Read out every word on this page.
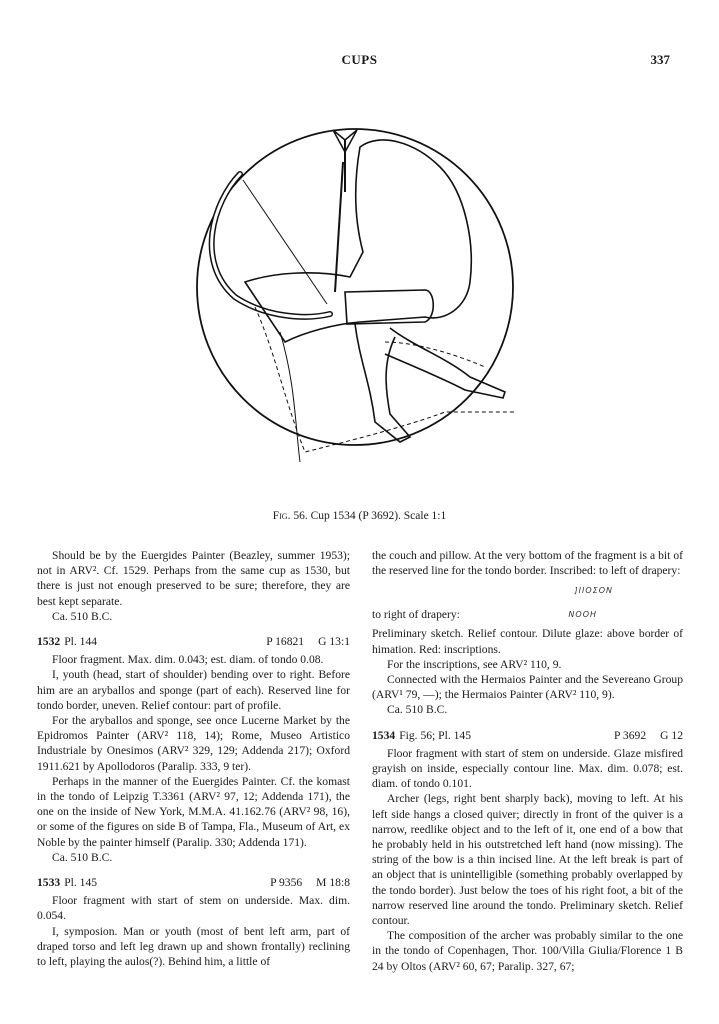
CUPS	337
Fig. 56. Cup 1534 (P 3692). Scale 1:1

Should be by the Euergides Painter (Beazley, summer 1953); not in ARV². Cf. 1529. Perhaps from the same cup as 1530, but there is just not enough preserved to be sure; therefore, they are best kept separate.

Ca. 510 B.C.

1532 Pl. 144	P 16821 G 13:1

Floor fragment. Max. dim. 0.043; est. diam. of tondo 0.08.

I, youth (head, start of shoulder) bending over to right. Before him are an aryballos and sponge (part of each). Reserved line for tondo border, uneven. Relief contour: part of profile.

For the aryballos and sponge, see once Lucerne Market by the Epidromos Painter (ARV² 118, 14); Rome, Museo Artistico Industriale by Onesimos (ARV² 329, 129; Addenda 217); Oxford 1911.621 by Apollodoros (Paralip. 333, 9 ter).

Perhaps in the manner of the Euergides Painter. Cf. the komast in the tondo of Leipzig T.3361 (ARV² 97, 12; Addenda 171), the one on the inside of New York, M.M.A. 41.162.76 (ARV² 98, 16), or some of the figures on side B of Tampa, Fla., Museum of Art, ex Noble by the painter himself (Paralip. 330; Addenda 171).

Ca. 510 B.C.

1533 Pl. 145	P 9356 M 18:8

Floor fragment with start of stem on underside. Max. dim. 0.054.

I, symposion. Man or youth (most of bent left arm, part of draped torso and left leg drawn up and shown frontally) reclining to left, playing the aulos(?). Behind him, a little of

the couch and pillow. At the very bottom of the fragment is a bit of the reserved line for the tondo border. Inscribed: to left of drapery:

]ΙΙΟΣΟΝ
to right of drapery:	ΝΟΟΗ

Preliminary sketch. Relief contour. Dilute glaze: above border of himation. Red: inscriptions.

For the inscriptions, see ARV² 110, 9.

Connected with the Hermaios Painter and the Severeano Group (ARV¹ 79, —); the Hermaios Painter (ARV² 110, 9).

Ca. 510 B.C.

1534 Fig. 56; Pl. 145	P 3692 G 12

Floor fragment with start of stem on underside. Glaze misfired grayish on inside, especially contour line. Max. dim. 0.078; est. diam. of tondo 0.101.

Archer (legs, right bent sharply back), moving to left. At his left side hangs a closed quiver; directly in front of the quiver is a narrow, reedlike object and to the left of it, one end of a bow that he probably held in his outstretched left hand (now missing). The string of the bow is a thin incised line. At the left break is part of an object that is unintelligible (something probably overlapped by the tondo border). Just below the toes of his right foot, a bit of the narrow reserved line around the tondo. Preliminary sketch. Relief contour.

The composition of the archer was probably similar to the one in the tondo of Copenhagen, Thor. 100/Villa Giulia/Florence 1 B 24 by Oltos (ARV² 60, 67; Paralip. 327, 67;
